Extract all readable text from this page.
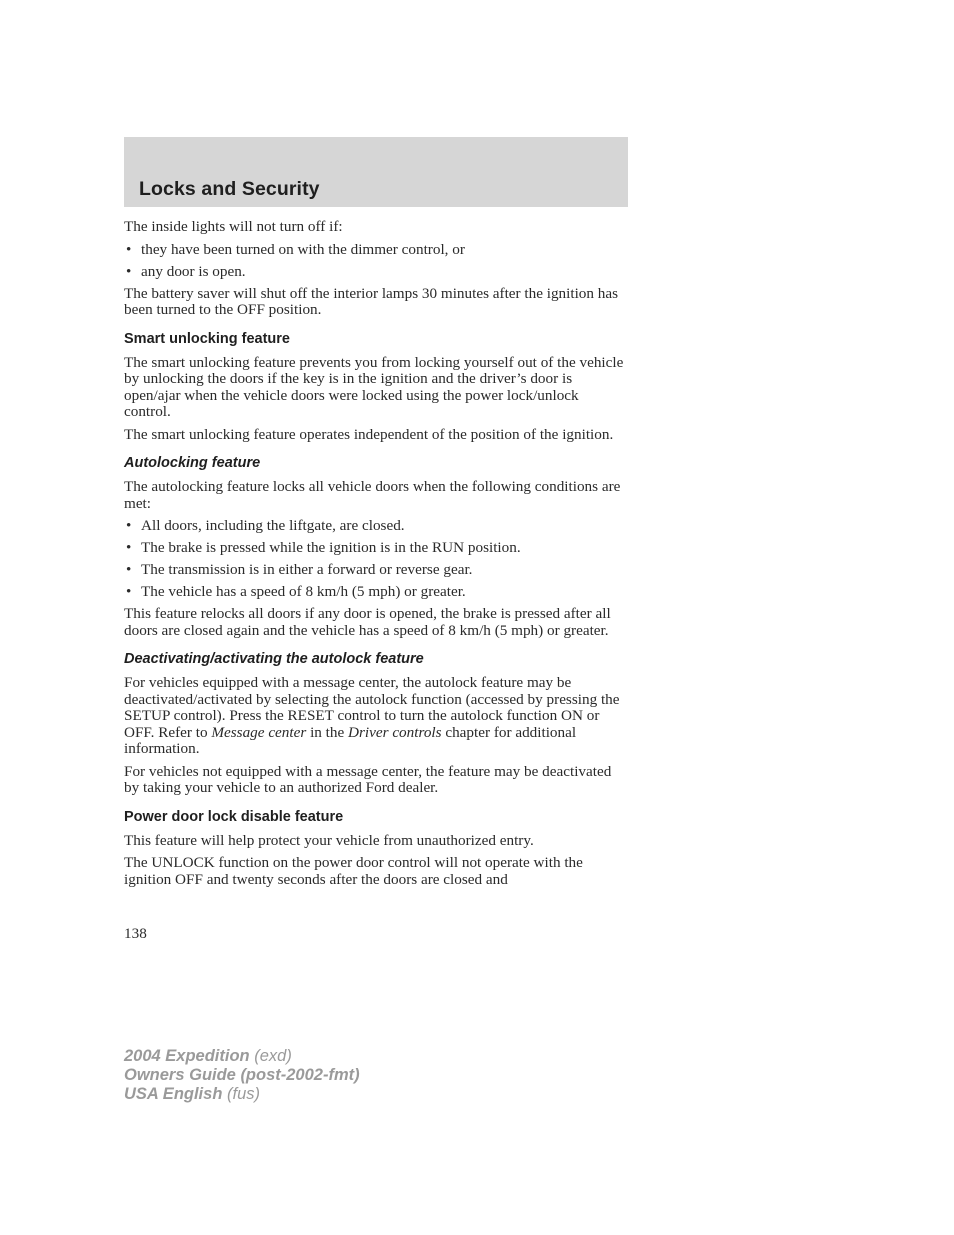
Locks and Security

The inside lights will not turn off if:

• they have been turned on with the dimmer control, or
• any door is open.

The battery saver will shut off the interior lamps 30 minutes after the ignition has been turned to the OFF position.

Smart unlocking feature

The smart unlocking feature prevents you from locking yourself out of the vehicle by unlocking the doors if the key is in the ignition and the driver’s door is open/ajar when the vehicle doors were locked using the power lock/unlock control.

The smart unlocking feature operates independent of the position of the ignition.

Autolocking feature

The autolocking feature locks all vehicle doors when the following conditions are met:

• All doors, including the liftgate, are closed.
• The brake is pressed while the ignition is in the RUN position.
• The transmission is in either a forward or reverse gear.
• The vehicle has a speed of 8 km/h (5 mph) or greater.

This feature relocks all doors if any door is opened, the brake is pressed after all doors are closed again and the vehicle has a speed of 8 km/h (5 mph) or greater.

Deactivating/activating the autolock feature

For vehicles equipped with a message center, the autolock feature may be deactivated/activated by selecting the autolock function (accessed by pressing the SETUP control). Press the RESET control to turn the autolock function ON or OFF. Refer to Message center in the Driver controls chapter for additional information.

For vehicles not equipped with a message center, the feature may be deactivated by taking your vehicle to an authorized Ford dealer.

Power door lock disable feature

This feature will help protect your vehicle from unauthorized entry.

The UNLOCK function on the power door control will not operate with the ignition OFF and twenty seconds after the doors are closed and

138
2004 Expedition (exd)
Owners Guide (post-2002-fmt)
USA English (fus)
